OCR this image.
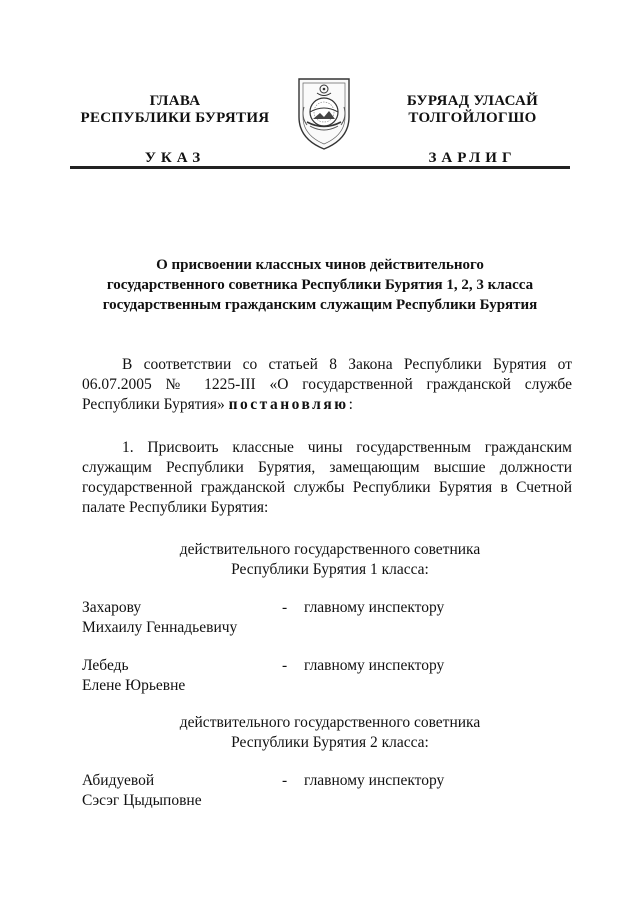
ГЛАВА
РЕСПУБЛИКИ БУРЯТИЯ
УКАЗ
БУРЯАД УЛАСАЙ
ТОЛГОЙЛОГШО
ЗАРЛИГ
О присвоении классных чинов действительного
государственного советника Республики Бурятия 1, 2, 3 класса
государственным гражданским служащим Республики Бурятия
В соответствии со статьей 8 Закона Республики Бурятия от 06.07.2005 № 1225-III «О государственной гражданской службе Республики Бурятия» постановляю:
1. Присвоить классные чины государственным гражданским служащим Республики Бурятия, замещающим высшие должности государственной гражданской службы Республики Бурятия в Счетной палате Республики Бурятия:
действительного государственного советника
Республики Бурятия 1 класса:
Захарову
Михаилу Геннадьевичу
- главному инспектору
Лебедь
Елене Юрьевне
- главному инспектору
действительного государственного советника
Республики Бурятия 2 класса:
Абидуевой
Сэсэг Цыдыповне
- главному инспектору
